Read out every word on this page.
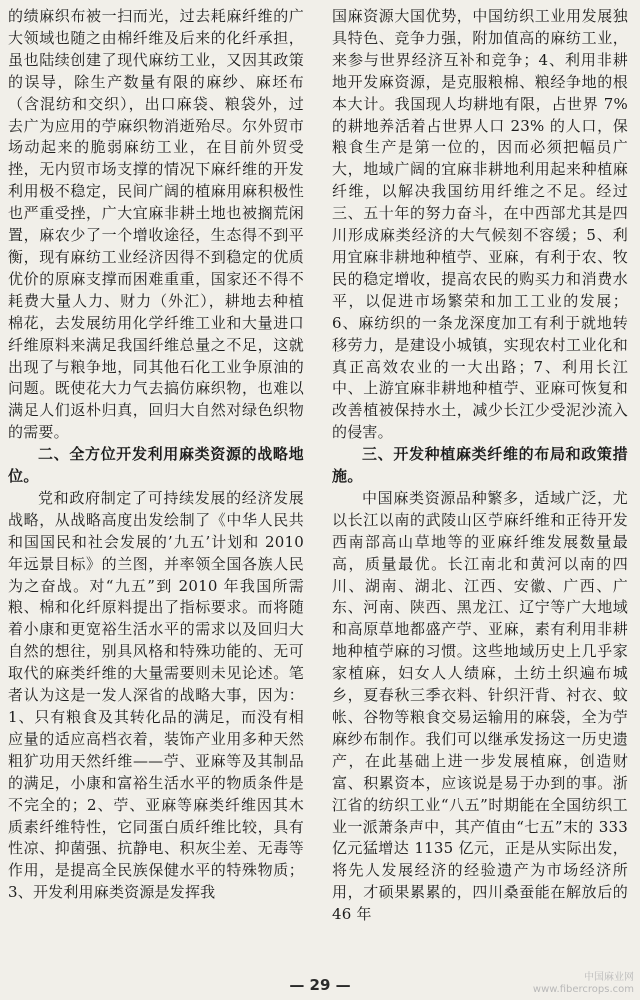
的绩麻织布被一扫而光，过去耗麻纤维的广大领域也随之由棉纤维及后来的化纤承担，虽也陆续创建了现代麻纺工业，又因其政策的误导，除生产数量有限的麻纱、麻坯布（含混纺和交织），出口麻袋、粮袋外，过去广为应用的苧麻织物消逝殆尽。尔外贸市场动起来的脆弱麻纺工业，在目前外贸受挫，无内贸市场支撑的情况下麻纤维的开发利用极不稳定，民间广阔的植麻用麻积极性也严重受挫，广大宜麻非耕土地也被搁荒闲置，麻农少了一个增收途径，生态得不到平衡，现有麻纺工业经济因得不到稳定的优质优价的原麻支撑而困难重重，国家还不得不耗费大量人力、财力（外汇），耕地去种植棉花，去发展纺用化学纤维工业和大量进口纤维原料来满足我国纤维总量之不足，这就出现了与粮争地，同其他石化工业争原油的问题。既使花大力气去搞仿麻织物，也难以满足人们返朴归真，回归大自然对绿色织物的需要。

二、全方位开发利用麻类资源的战略地位。

党和政府制定了可持续发展的经济发展战略，从战略高度出发绘制了《中华人民共和国国民和社会发展的’九五’计划和 2010 年远景目标》的兰图，并率领全国各族人民为之奋战。对“九五”到 2010 年我国所需粮、棉和化纤原料提出了指标要求。而将随着小康和更宽裕生活水平的需求以及回归大自然的想往，别具风格和特殊功能的、无可取代的麻类纤维的大量需要则未见论述。笔者认为这是一发人深省的战略大事，因为：1、只有粮食及其转化品的满足，而没有相应量的适应高档衣着，装饰产业用多种天然粗犷功用天然纤维——苧、亚麻等及其制品的满足，小康和富裕生活水平的物质条件是不完全的；2、苧、亚麻等麻类纤维因其木质素纤维特性，它同蛋白质纤维比较，具有性凉、抑菌强、抗静电、积灰尘差、无毒等作用，是提高全民族保健水平的特殊物质；3、开发利用麻类资源是发挥我

国麻资源大国优势，中国纺织工业用发展独具特色、竞争力强，附加值高的麻纺工业，来参与世界经济互补和竞争；4、利用非耕地开发麻资源，是克服粮棉、粮经争地的根本大计。我国现人均耕地有限，占世界 7% 的耕地养活着占世界人口 23% 的人口，保粮食生产是第一位的，因而必须把幅员广大，地域广阔的宜麻非耕地利用起来种植麻纤维，以解决我国纺用纤维之不足。经过三、五十年的努力奋斗，在中西部尤其是四川形成麻类经济的大气候刻不容缓；5、利用宜麻非耕地种植苧、亚麻，有利于农、牧民的稳定增收，提高农民的购买力和消费水平，以促进市场繁荣和加工工业的发展；6、麻纺织的一条龙深度加工有利于就地转移劳力，是建设小城镇，实现农村工业化和真正高效农业的一大出路；7、利用长江中、上游宜麻非耕地种植苧、亚麻可恢复和改善植被保持水土，减少长江少受泥沙流入的侵害。

三、开发种植麻类纤维的布局和政策措施。

中国麻类资源品种繁多，适域广泛，尤以长江以南的武陵山区苧麻纤维和正待开发西南部高山草地等的亚麻纤维发展数量最高，质量最优。长江南北和黄河以南的四川、湖南、湖北、江西、安徽、广西、广东、河南、陕西、黑龙江、辽宁等广大地域和高原草地都盛产苧、亚麻，素有利用非耕地种植苧麻的习惯。这些地域历史上几乎家家植麻，妇女人人绩麻，土纺土织遍布城乡，夏春秋三季衣料、针织汗背、衬衣、蚊帐、谷物等粮食交易运输用的麻袋，全为苧麻纱布制作。我们可以继承发扬这一历史遗产，在此基础上进一步发展植麻，创造财富、积累资本，应该说是易于办到的事。浙江省的纺织工业“八五”时期能在全国纺织工业一派萧条声中，其产值由“七五”末的 333 亿元猛增达 1135 亿元，正是从实际出发，将先人发展经济的经验遗产为市场经济所用，才硕果累累的，四川桑蚕能在解放后的 46 年

— 29 —	中国麻业网
www.fibercrops.com
